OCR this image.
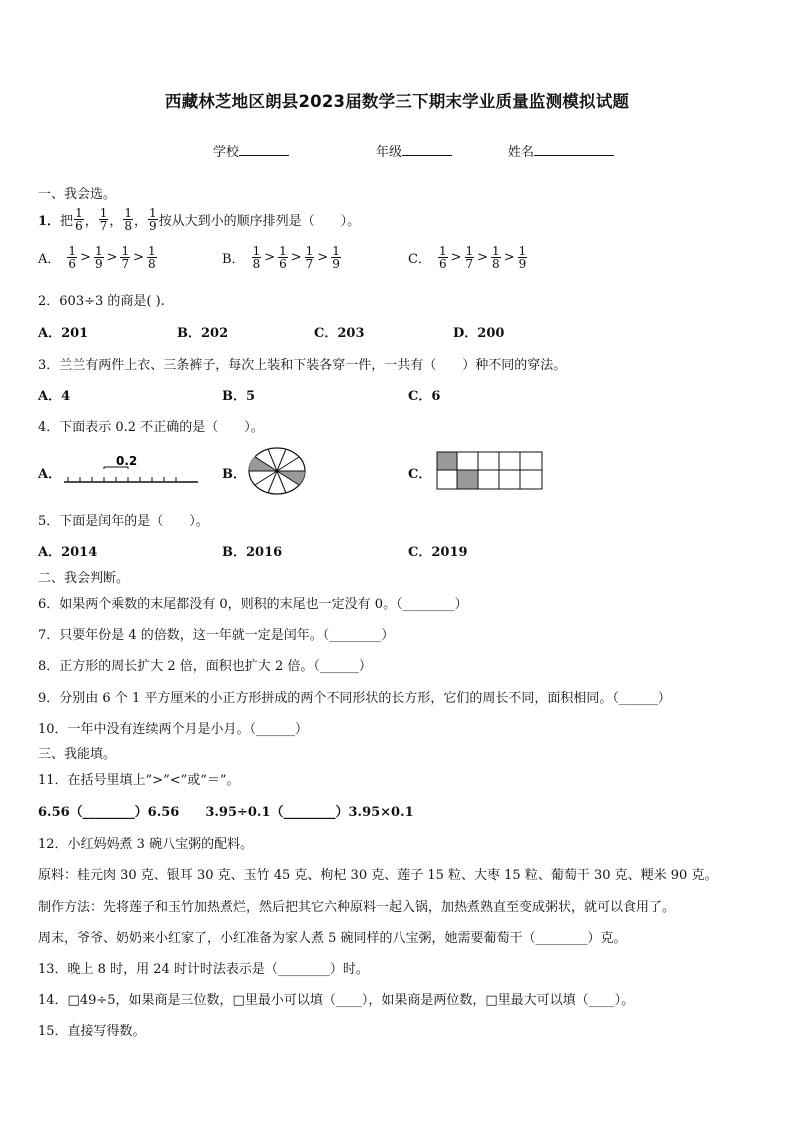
西藏林芝地区朗县2023届数学三下期末学业质量监测模拟试题
学校	年级	姓名
一、我会选。
1． 把 $\frac{1}{6}$ ， $\frac{1}{7}$ ， $\frac{1}{8}$ ， $\frac{1}{9}$ 按从大到小的顺序排列是（　　）。
A． $\frac{1}{6} > \frac{1}{9} > \frac{1}{7} > \frac{1}{8}$	B． $\frac{1}{8} > \frac{1}{6} > \frac{1}{7} > \frac{1}{9}$	C． $\frac{1}{6} > \frac{1}{7} > \frac{1}{8} > \frac{1}{9}$
2．603÷3 的商是( ).
A．201	B．202	C．203	D．200
3．兰兰有两件上衣、三条裤子，每次上装和下装各穿一件，一共有（　　）种不同的穿法。
A．4	B．5	C．6
4．下面表示 0.2 不正确的是（　　）。
A．
0.2
B．	C．
5．下面是闰年的是（　　）。
A．2014	B．2016	C．2019
二、我会判断。
6．如果两个乘数的末尾都没有 0，则积的末尾也一定没有 0。（________）
7．只要年份是 4 的倍数，这一年就一定是闰年。（________）
8．正方形的周长扩大 2 倍，面积也扩大 2 倍。（______）
9．分别由 6 个 1 平方厘米的小正方形拼成的两个不同形状的长方形，它们的周长不同，面积相同。（______）
10．一年中没有连续两个月是小月。（______）
三、我能填。
11．在括号里填上”>”<”或“＝”。
6.56（________）6.56　　3.95÷0.1（________）3.95×0.1
12．小红妈妈煮 3 碗八宝粥的配料。
原料：桂元肉 30 克、银耳 30 克、玉竹 45 克、枸杞 30 克、莲子 15 粒、大枣 15 粒、葡萄干 30 克、粳米 90 克。
制作方法：先将莲子和玉竹加热煮烂，然后把其它六种原料一起入锅，加热煮熟直至变成粥状，就可以食用了。
周末，爷爷、奶奶来小红家了，小红准备为家人煮 5 碗同样的八宝粥，她需要葡萄干（________）克。
13．晚上 8 时，用 24 时计时法表示是（________）时。
14．□49÷5，如果商是三位数，□里最小可以填（____），如果商是两位数，□里最大可以填（____）。
15．直接写得数。
